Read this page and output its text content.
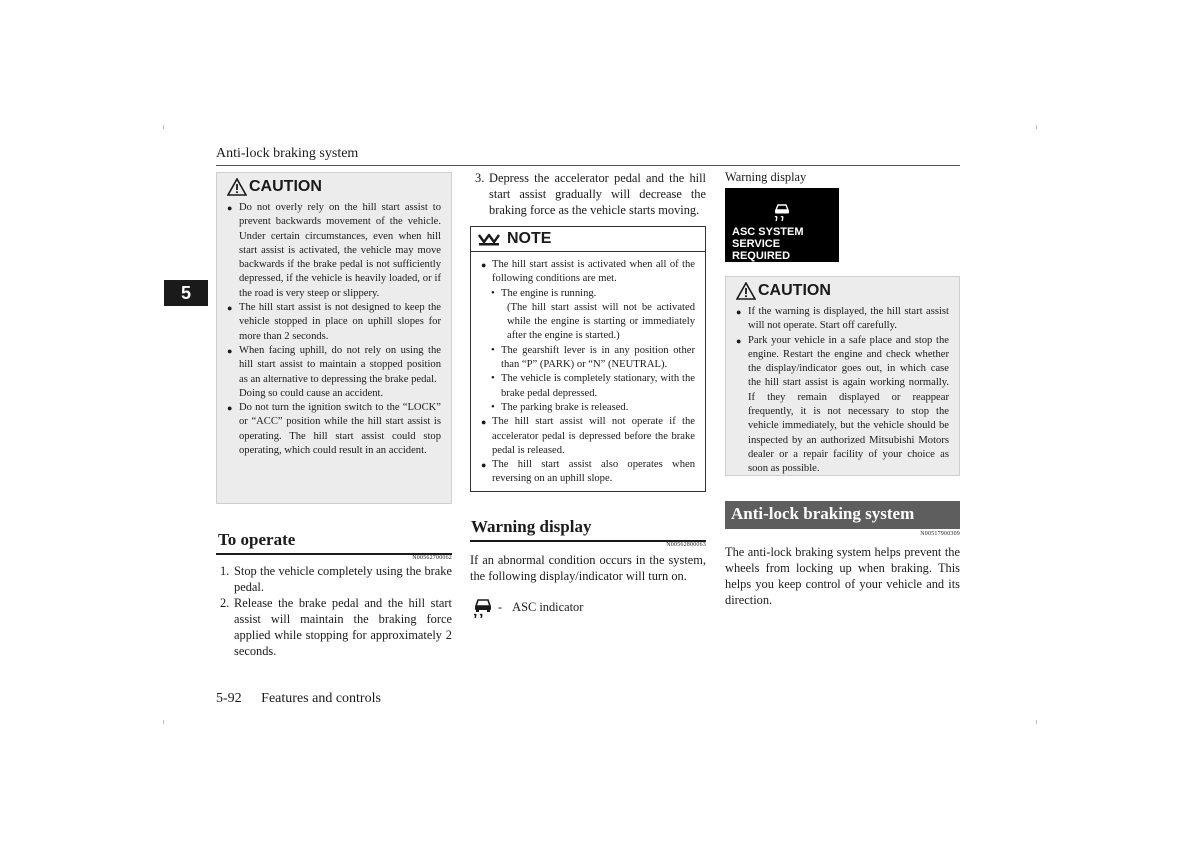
Anti-lock braking system
5
CAUTION
● Do not overly rely on the hill start assist to prevent backwards movement of the vehicle. Under certain circumstances, even when hill start assist is activated, the vehicle may move backwards if the brake pedal is not sufficiently depressed, if the vehicle is heavily loaded, or if the road is very steep or slippery.
● The hill start assist is not designed to keep the vehicle stopped in place on uphill slopes for more than 2 seconds.
● When facing uphill, do not rely on using the hill start assist to maintain a stopped position as an alternative to depressing the brake pedal.
Doing so could cause an accident.
● Do not turn the ignition switch to the “LOCK” or “ACC” position while the hill start assist is operating. The hill start assist could stop operating, which could result in an accident.
To operate
N00562700062
1. Stop the vehicle completely using the brake pedal.
2. Release the brake pedal and the hill start assist will maintain the braking force applied while stopping for approximately 2 seconds.
3. Depress the accelerator pedal and the hill start assist gradually will decrease the braking force as the vehicle starts moving.
NOTE
● The hill start assist is activated when all of the following conditions are met.
• The engine is running.
(The hill start assist will not be activated while the engine is starting or immediately after the engine is started.)
• The gearshift lever is in any position other than “P” (PARK) or “N” (NEUTRAL).
• The vehicle is completely stationary, with the brake pedal depressed.
• The parking brake is released.
● The hill start assist will not operate if the accelerator pedal is depressed before the brake pedal is released.
● The hill start assist also operates when reversing on an uphill slope.
Warning display
N00562800063
If an abnormal condition occurs in the system, the following display/indicator will turn on.
- ASC indicator
Warning display
ASC SYSTEM
SERVICE REQUIRED
CAUTION
● If the warning is displayed, the hill start assist will not operate. Start off carefully.
● Park your vehicle in a safe place and stop the engine. Restart the engine and check whether the display/indicator goes out, in which case the hill start assist is again working normally. If they remain displayed or reappear frequently, it is not necessary to stop the vehicle immediately, but the vehicle should be inspected by an authorized Mitsubishi Motors dealer or a repair facility of your choice as soon as possible.
Anti-lock braking system
N00517900309
The anti-lock braking system helps prevent the wheels from locking up when braking. This helps you keep control of your vehicle and its direction.
5-92 Features and controls
